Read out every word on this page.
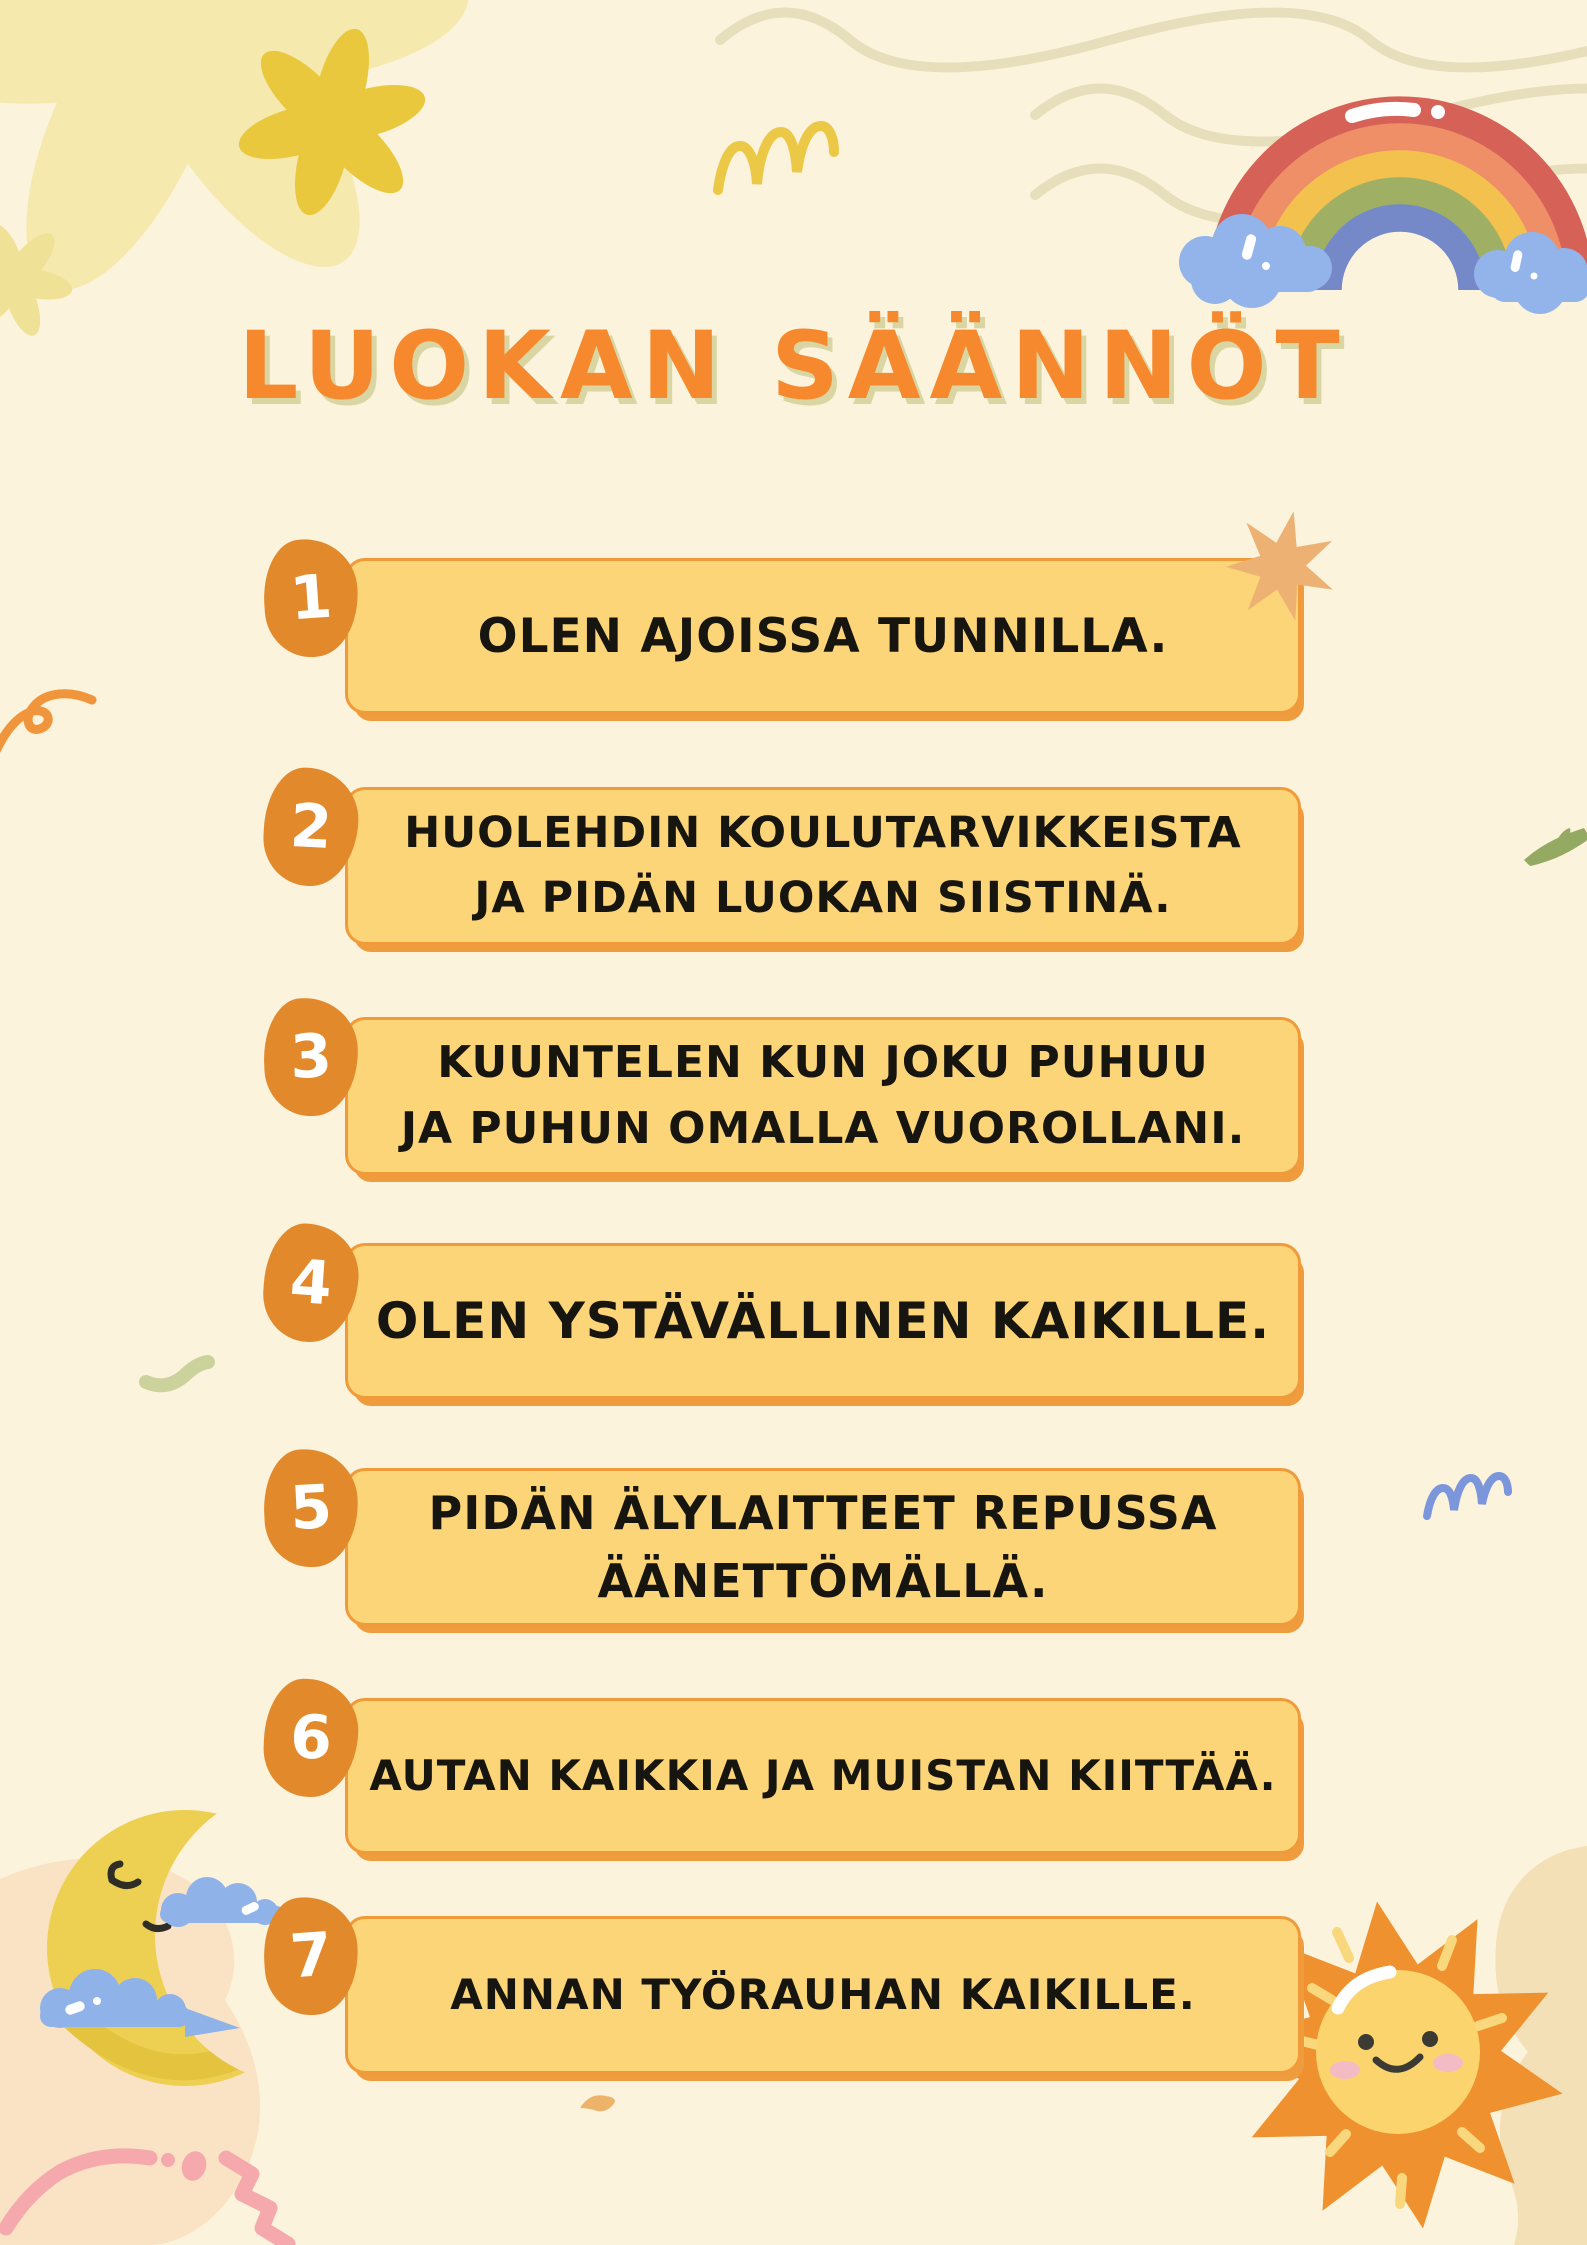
LUOKAN SÄÄNNÖT
1
OLEN AJOISSA TUNNILLA.
2	HUOLEHDIN KOULUTARVIKKEISTA
JA PIDÄN LUOKAN SIISTINÄ.
3	KUUNTELEN KUN JOKU PUHUU
JA PUHUN OMALLA VUOROLLANI.
4
OLEN YSTÄVÄLLINEN KAIKILLE.
5	PIDÄN ÄLYLAITTEET REPUSSA
ÄÄNETTÖMÄLLÄ.
6
AUTAN KAIKKIA JA MUISTAN KIITTÄÄ.
7
ANNAN TYÖRAUHAN KAIKILLE.
